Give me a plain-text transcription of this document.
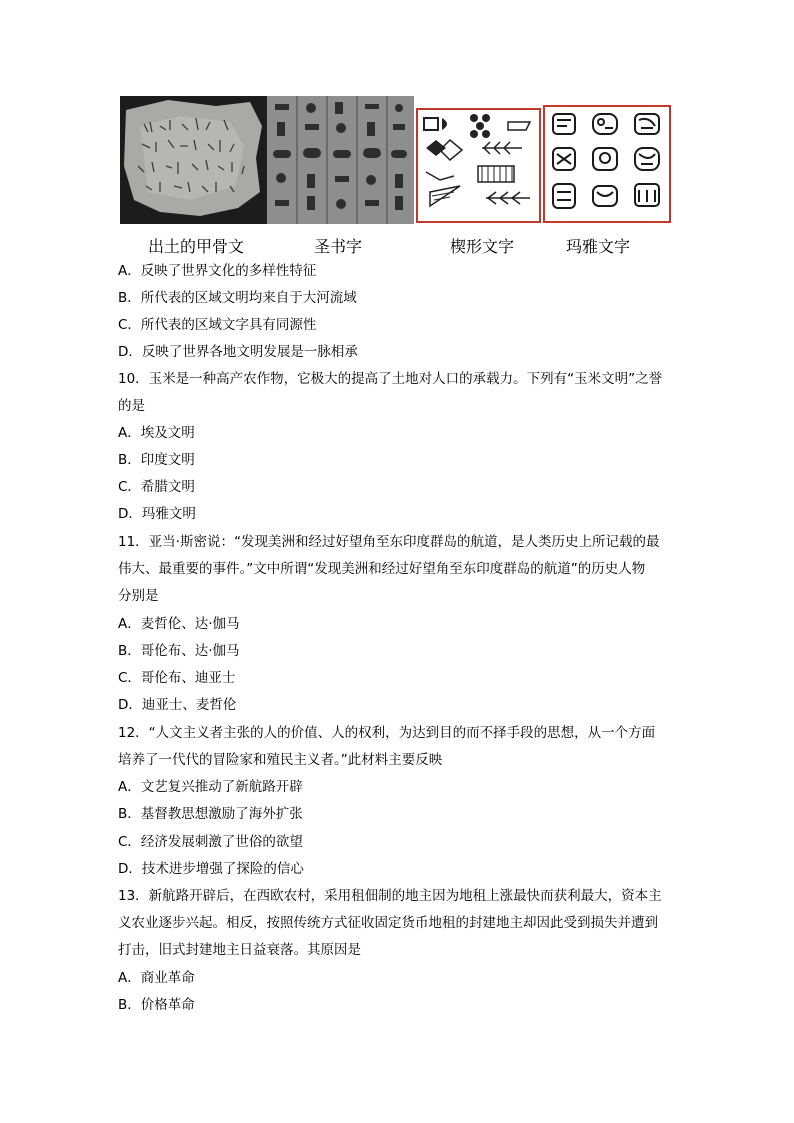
出土的甲骨文	圣书字	楔形文字	玛雅文字
A．反映了世界文化的多样性特征
B．所代表的区域文明均来自于大河流域
C．所代表的区域文字具有同源性
D．反映了世界各地文明发展是一脉相承
10．玉米是一种高产农作物，它极大的提高了土地对人口的承载力。下列有“玉米文明”之誉
的是
A．埃及文明
B．印度文明
C．希腊文明
D．玛雅文明
11．亚当·斯密说：“发现美洲和经过好望角至东印度群岛的航道，是人类历史上所记载的最
伟大、最重要的事件。”文中所谓“发现美洲和经过好望角至东印度群岛的航道”的历史人物
分别是
A．麦哲伦、达·伽马
B．哥伦布、达·伽马
C．哥伦布、迪亚士
D．迪亚士、麦哲伦
12．“人文主义者主张的人的价值、人的权利，为达到目的而不择手段的思想，从一个方面
培养了一代代的冒险家和殖民主义者。”此材料主要反映
A．文艺复兴推动了新航路开辟
B．基督教思想激励了海外扩张
C．经济发展刺激了世俗的欲望
D．技术进步增强了探险的信心
13．新航路开辟后，在西欧农村，采用租佃制的地主因为地租上涨最快而获利最大，资本主
义农业逐步兴起。相反，按照传统方式征收固定货币地租的封建地主却因此受到损失并遭到
打击，旧式封建地主日益衰落。其原因是
A．商业革命
B．价格革命
